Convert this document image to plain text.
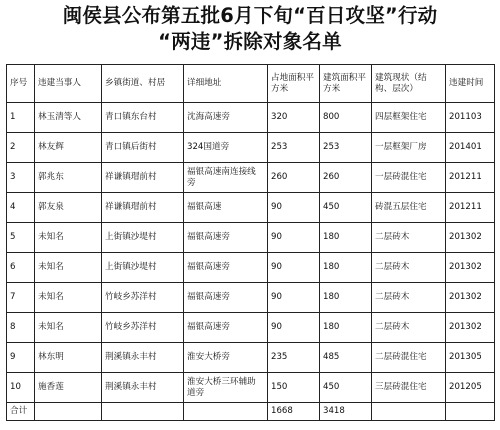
闽侯县公布第五批6月下旬“百日攻坚”行动
“两违”拆除对象名单
序号	违建当事人	乡镇街道、村居	详细地址	占地面积平方米	建筑面积平方米	建筑现状（结构、层次）	违建时间
1	林玉清等人	青口镇东台村	沈海高速旁	320	800	四层框架住宅	201103
2	林友辉	青口镇后街村	324国道旁	253	253	一层框架厂房	201401
3	郭兆东	祥谦镇瑁前村	福银高速南连接线旁	260	260	一层砖混住宅	201211
4	郭友泉	祥谦镇瑁前村	福银高速	90	450	砖混五层住宅	201211
5	未知名	上街镇沙堤村	福银高速旁	90	180	二层砖木	201302
6	未知名	上街镇沙堤村	福银高速旁	90	180	二层砖木	201302
7	未知名	竹岐乡苏洋村	福银高速旁	90	180	二层砖木	201302
8	未知名	竹岐乡苏洋村	福银高速旁	90	180	二层砖木	201302
9	林东明	荆溪镇永丰村	淮安大桥旁	235	485	二层砖混住宅	201305
10	施香莲	荆溪镇永丰村	淮安大桥三环辅助道旁	150	450	三层砖混住宅	201205
合计				1668	3418		
